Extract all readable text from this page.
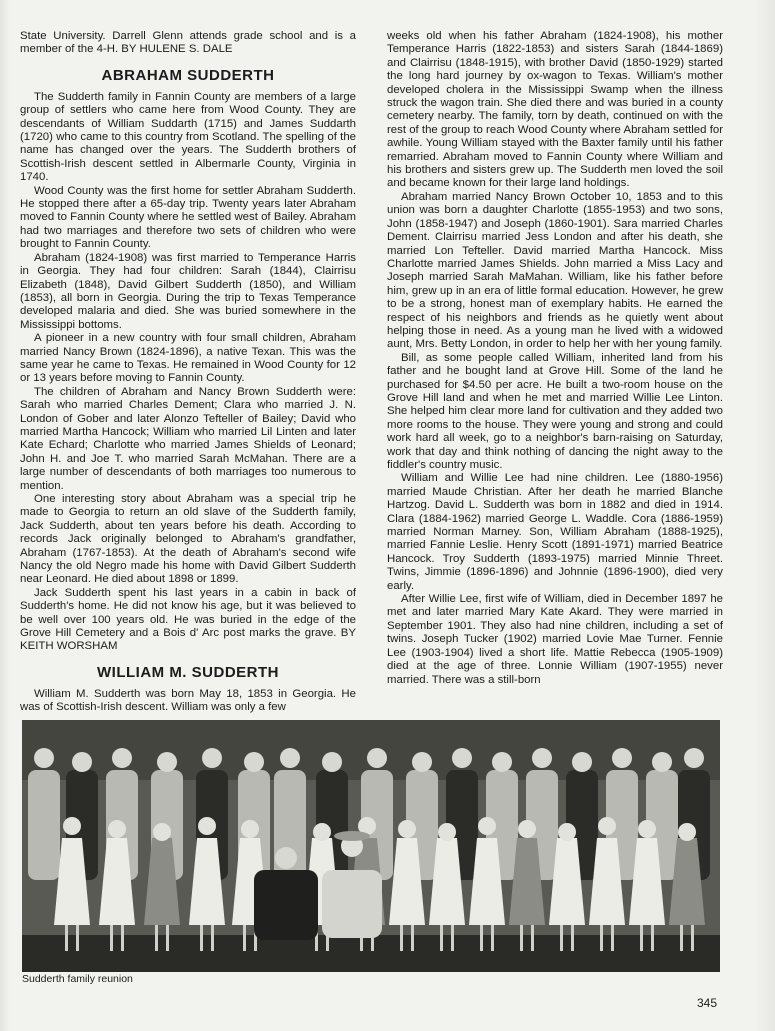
State University. Darrell Glenn attends grade school and is a member of the 4-H. BY HULENE S. DALE

ABRAHAM SUDDERTH

The Sudderth family in Fannin County are members of a large group of settlers who came here from Wood County. They are descendants of William Suddarth (1715) and James Suddarth (1720) who came to this country from Scotland. The spelling of the name has changed over the years. The Sudderth brothers of Scottish-Irish descent settled in Albermarle County, Virginia in 1740.

Wood County was the first home for settler Abraham Sudderth. He stopped there after a 65-day trip. Twenty years later Abraham moved to Fannin County where he settled west of Bailey. Abraham had two marriages and therefore two sets of children who were brought to Fannin County.

Abraham (1824-1908) was first married to Temperance Harris in Georgia. They had four children: Sarah (1844), Clairrisu Elizabeth (1848), David Gilbert Sudderth (1850), and William (1853), all born in Georgia. During the trip to Texas Temperance developed malaria and died. She was buried somewhere in the Mississippi bottoms.

A pioneer in a new country with four small children, Abraham married Nancy Brown (1824-1896), a native Texan. This was the same year he came to Texas. He remained in Wood County for 12 or 13 years before moving to Fannin County.

The children of Abraham and Nancy Brown Sudderth were: Sarah who married Charles Dement; Clara who married J. N. London of Gober and later Alonzo Tefteller of Bailey; David who married Martha Hancock; William who married Lil Linten and later Kate Echard; Charlotte who married James Shields of Leonard; John H. and Joe T. who married Sarah McMahan. There are a large number of descendants of both marriages too numerous to mention.

One interesting story about Abraham was a special trip he made to Georgia to return an old slave of the Sudderth family, Jack Sudderth, about ten years before his death. According to records Jack originally belonged to Abraham's grandfather, Abraham (1767-1853). At the death of Abraham's second wife Nancy the old Negro made his home with David Gilbert Sudderth near Leonard. He died about 1898 or 1899.

Jack Sudderth spent his last years in a cabin in back of Sudderth's home. He did not know his age, but it was believed to be well over 100 years old. He was buried in the edge of the Grove Hill Cemetery and a Bois d' Arc post marks the grave. BY KEITH WORSHAM

WILLIAM M. SUDDERTH

William M. Sudderth was born May 18, 1853 in Georgia. He was of Scottish-Irish descent. William was only a few

weeks old when his father Abraham (1824-1908), his mother Temperance Harris (1822-1853) and sisters Sarah (1844-1869) and Clairrisu (1848-1915), with brother David (1850-1929) started the long hard journey by ox-wagon to Texas. William's mother developed cholera in the Mississippi Swamp when the illness struck the wagon train. She died there and was buried in a county cemetery nearby. The family, torn by death, continued on with the rest of the group to reach Wood County where Abraham settled for awhile. Young William stayed with the Baxter family until his father remarried. Abraham moved to Fannin County where William and his brothers and sisters grew up. The Sudderth men loved the soil and became known for their large land holdings.

Abraham married Nancy Brown October 10, 1853 and to this union was born a daughter Charlotte (1855-1953) and two sons, John (1858-1947) and Joseph (1860-1901). Sara married Charles Dement. Clairrisu married Jess London and after his death, she married Lon Tefteller. David married Martha Hancock. Miss Charlotte married James Shields. John married a Miss Lacy and Joseph married Sarah MaMahan. William, like his father before him, grew up in an era of little formal education. However, he grew to be a strong, honest man of exemplary habits. He earned the respect of his neighbors and friends as he quietly went about helping those in need. As a young man he lived with a widowed aunt, Mrs. Betty London, in order to help her with her young family.

Bill, as some people called William, inherited land from his father and he bought land at Grove Hill. Some of the land he purchased for $4.50 per acre. He built a two-room house on the Grove Hill land and when he met and married Willie Lee Linton. She helped him clear more land for cultivation and they added two more rooms to the house. They were young and strong and could work hard all week, go to a neighbor's barn-raising on Saturday, work that day and think nothing of dancing the night away to the fiddler's country music.

William and Willie Lee had nine children. Lee (1880-1956) married Maude Christian. After her death he married Blanche Hartzog. David L. Sudderth was born in 1882 and died in 1914. Clara (1884-1962) married George L. Waddle. Cora (1886-1959) married Norman Marney. Son, William Abraham (1888-1925), married Fannie Leslie. Henry Scott (1891-1971) married Beatrice Hancock. Troy Sudderth (1893-1975) married Minnie Threet. Twins, Jimmie (1896-1896) and Johnnie (1896-1900), died very early.

After Willie Lee, first wife of William, died in December 1897 he met and later married Mary Kate Akard. They were married in September 1901. They also had nine children, including a set of twins. Joseph Tucker (1902) married Lovie Mae Turner. Fennie Lee (1903-1904) lived a short life. Mattie Rebecca (1905-1909) died at the age of three. Lonnie William (1907-1955) never married. There was a still-born

Sudderth family reunion
345
